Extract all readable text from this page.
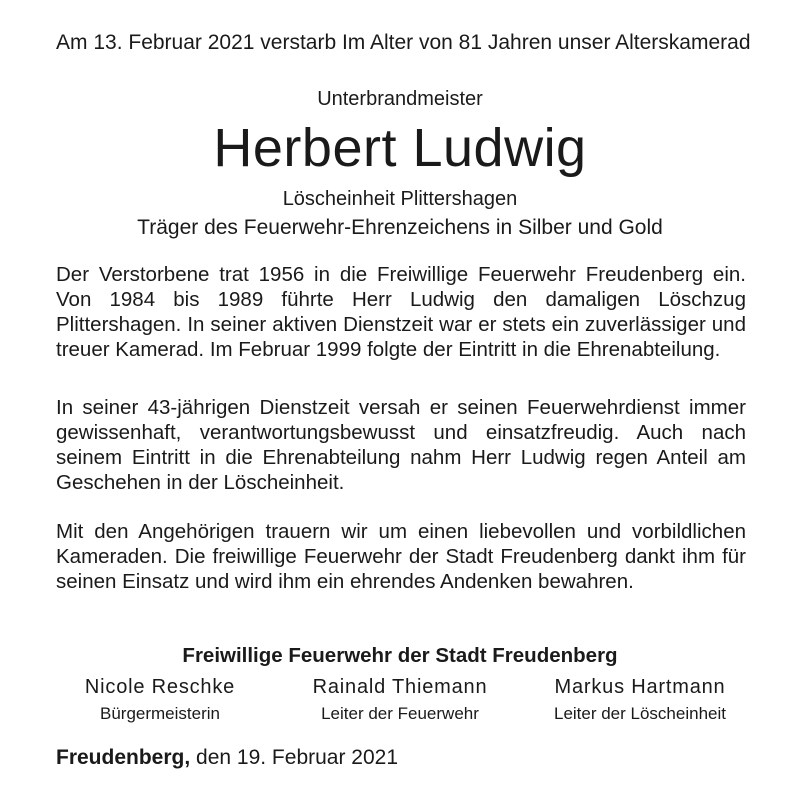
Am 13. Februar 2021 verstarb Im Alter von 81 Jahren unser Alterskamerad
Unterbrandmeister
Herbert Ludwig
Löscheinheit Plittershagen
Träger des Feuerwehr-Ehrenzeichens in Silber und Gold

Der Verstorbene trat 1956 in die Freiwillige Feuerwehr Freudenberg ein. Von 1984 bis 1989 führte Herr Ludwig den damaligen Löschzug Plittershagen. In seiner aktiven Dienstzeit war er stets ein zuverlässiger und treuer Kamerad. Im Februar 1999 folgte der Eintritt in die Ehrenabteilung.

In seiner 43-jährigen Dienstzeit versah er seinen Feuerwehrdienst immer gewissenhaft, verantwortungsbewusst und einsatzfreudig. Auch nach seinem Eintritt in die Ehrenabteilung nahm Herr Ludwig regen Anteil am Geschehen in der Löscheinheit.

Mit den Angehörigen trauern wir um einen liebevollen und vorbildlichen Kameraden. Die freiwillige Feuerwehr der Stadt Freudenberg dankt ihm für seinen Einsatz und wird ihm ein ehrendes Andenken bewahren.

Freiwillige Feuerwehr der Stadt Freudenberg
Nicole Reschke
Bürgermeisterin
Rainald Thiemann
Leiter der Feuerwehr
Markus Hartmann
Leiter der Löscheinheit
Freudenberg, den 19. Februar 2021
